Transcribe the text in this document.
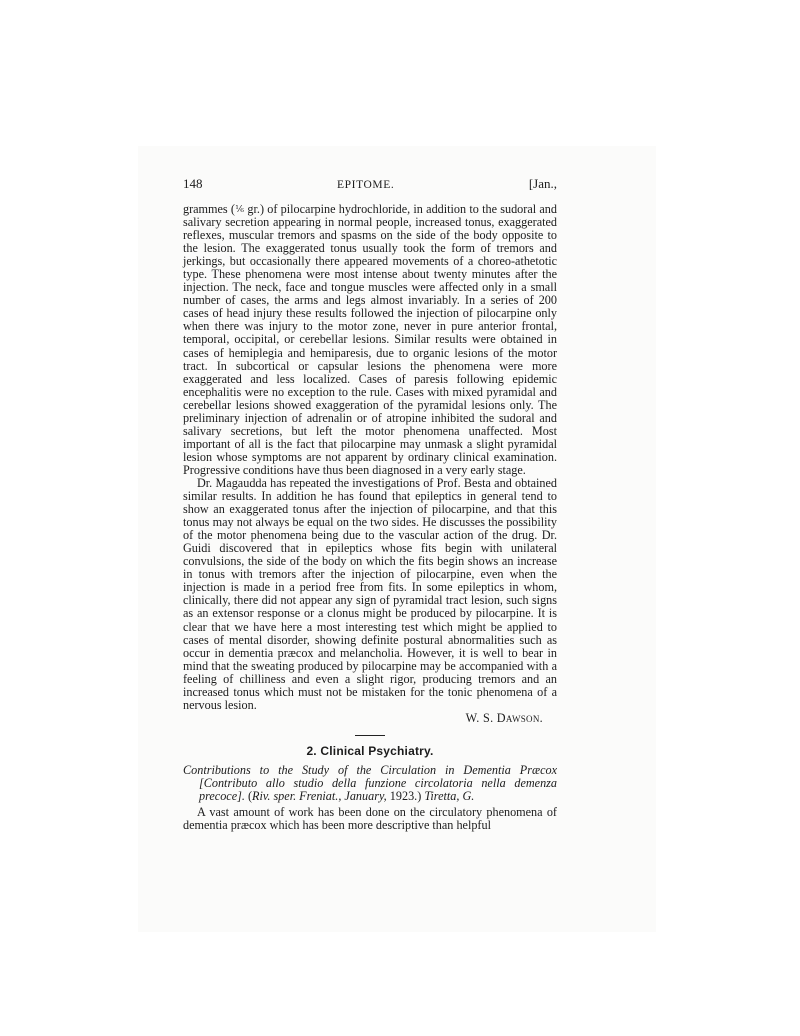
148	EPITOME.	[Jan.,

grammes (⅙ gr.) of pilocarpine hydrochloride, in addition to the sudoral and salivary secretion appearing in normal people, increased tonus, exaggerated reflexes, muscular tremors and spasms on the side of the body opposite to the lesion. The exaggerated tonus usually took the form of tremors and jerkings, but occasionally there appeared movements of a choreo-athetotic type. These phenomena were most intense about twenty minutes after the injection. The neck, face and tongue muscles were affected only in a small number of cases, the arms and legs almost invariably. In a series of 200 cases of head injury these results followed the injection of pilocarpine only when there was injury to the motor zone, never in pure anterior frontal, temporal, occipital, or cerebellar lesions. Similar results were obtained in cases of hemiplegia and hemiparesis, due to organic lesions of the motor tract. In subcortical or capsular lesions the phenomena were more exaggerated and less localized. Cases of paresis following epidemic encephalitis were no exception to the rule. Cases with mixed pyramidal and cerebellar lesions showed exaggeration of the pyramidal lesions only. The preliminary injection of adrenalin or of atropine inhibited the sudoral and salivary secretions, but left the motor phenomena unaffected. Most important of all is the fact that pilocarpine may unmask a slight pyramidal lesion whose symptoms are not apparent by ordinary clinical examination. Progressive conditions have thus been diagnosed in a very early stage.

Dr. Magaudda has repeated the investigations of Prof. Besta and obtained similar results. In addition he has found that epileptics in general tend to show an exaggerated tonus after the injection of pilocarpine, and that this tonus may not always be equal on the two sides. He discusses the possibility of the motor phenomena being due to the vascular action of the drug. Dr. Guidi discovered that in epileptics whose fits begin with unilateral convulsions, the side of the body on which the fits begin shows an increase in tonus with tremors after the injection of pilocarpine, even when the injection is made in a period free from fits. In some epileptics in whom, clinically, there did not appear any sign of pyramidal tract lesion, such signs as an extensor response or a clonus might be produced by pilocarpine. It is clear that we have here a most interesting test which might be applied to cases of mental disorder, showing definite postural abnormalities such as occur in dementia præcox and melancholia. However, it is well to bear in mind that the sweating produced by pilocarpine may be accompanied with a feeling of chilliness and even a slight rigor, producing tremors and an increased tonus which must not be mistaken for the tonic phenomena of a nervous lesion.

W. S. Dawson.
2. Clinical Psychiatry.

Contributions to the Study of the Circulation in Dementia Præcox [Contributo allo studio della funzione circolatoria nella demenza precoce]. (Riv. sper. Freniat., January, 1923.) Tiretta, G.

A vast amount of work has been done on the circulatory phenomena of dementia præcox which has been more descriptive than helpful
